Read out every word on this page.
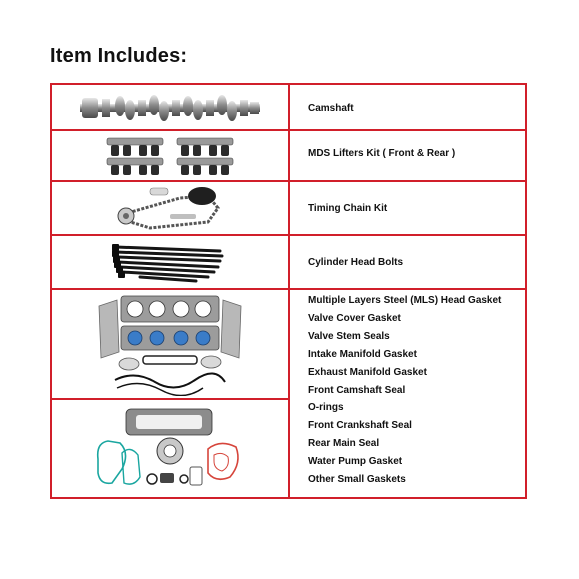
Item Includes:
Camshaft
MDS Lifters Kit ( Front & Rear )
Timing Chain Kit
Cylinder Head Bolts
Multiple Layers Steel (MLS) Head Gasket
Valve Cover Gasket
Valve Stem Seals
Intake Manifold Gasket
Exhaust Manifold Gasket
Front Camshaft Seal
O-rings
Front Crankshaft Seal
Rear Main Seal
Water Pump Gasket
Other Small Gaskets
